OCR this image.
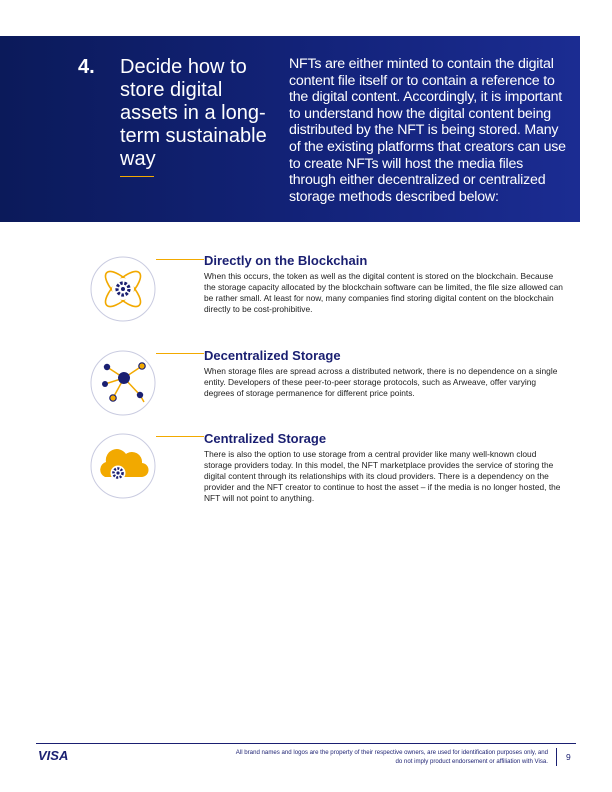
4. Decide how to store digital assets in a long-term sustainable way

NFTs are either minted to contain the digital content file itself or to contain a reference to the digital content. Accordingly, it is important to understand how the digital content being distributed by the NFT is being stored. Many of the existing platforms that creators can use to create NFTs will host the media files through either decentralized or centralized storage methods described below:

Directly on the Blockchain

When this occurs, the token as well as the digital content is stored on the blockchain. Because the storage capacity allocated by the blockchain software can be limited, the file size allowed can be rather small. At least for now, many companies find storing digital content on the blockchain directly to be cost-prohibitive.

Decentralized Storage

When storage files are spread across a distributed network, there is no dependence on a single entity. Developers of these peer-to-peer storage protocols, such as Arweave, offer varying degrees of storage permanence for different price points.

Centralized Storage

There is also the option to use storage from a central provider like many well-known cloud storage providers today. In this model, the NFT marketplace provides the service of storing the digital content through its relationships with its cloud providers. There is a dependency on the provider and the NFT creator to continue to host the asset – if the media is no longer hosted, the NFT will not point to anything.

VISA	All brand names and logos are the property of their respective owners, are used for identification purposes only, and do not imply product endorsement or affiliation with Visa. 9
